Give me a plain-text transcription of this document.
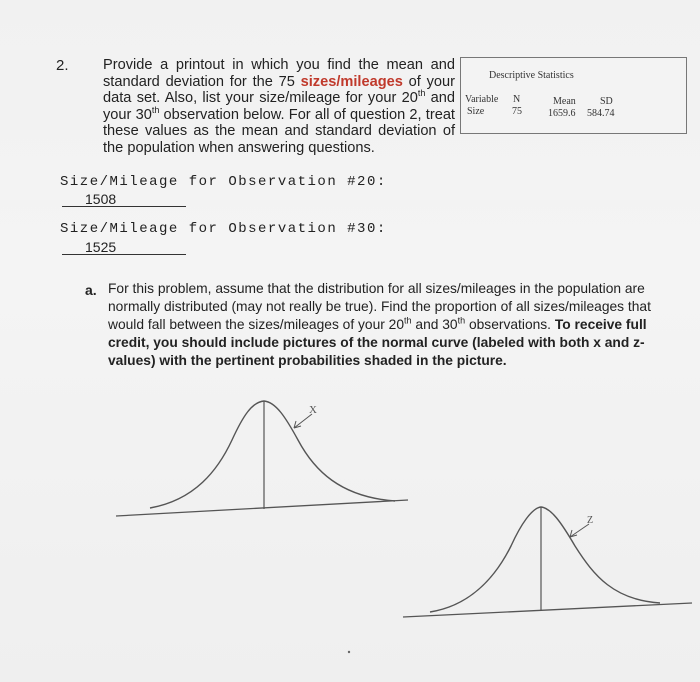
2. Provide a printout in which you find the mean and standard deviation for the 75 sizes/mileages of your data set. Also, list your size/mileage for your 20th and your 30th observation below. For all of question 2, treat these values as the mean and standard deviation of the population when answering questions.
Descriptive Statistics
Variable N	Mean SD
Size	75	1659.6 584.74
Size/Mileage for Observation #20:
1508
Size/Mileage for Observation #30:
1525
a. For this problem, assume that the distribution for all sizes/mileages in the population are normally distributed (may not really be true). Find the proportion of all sizes/mileages that would fall between the sizes/mileages of your 20th and 30th observations. To receive full credit, you should include pictures of the normal curve (labeled with both x and z-values) with the pertinent probabilities shaded in the picture.
X
Z
